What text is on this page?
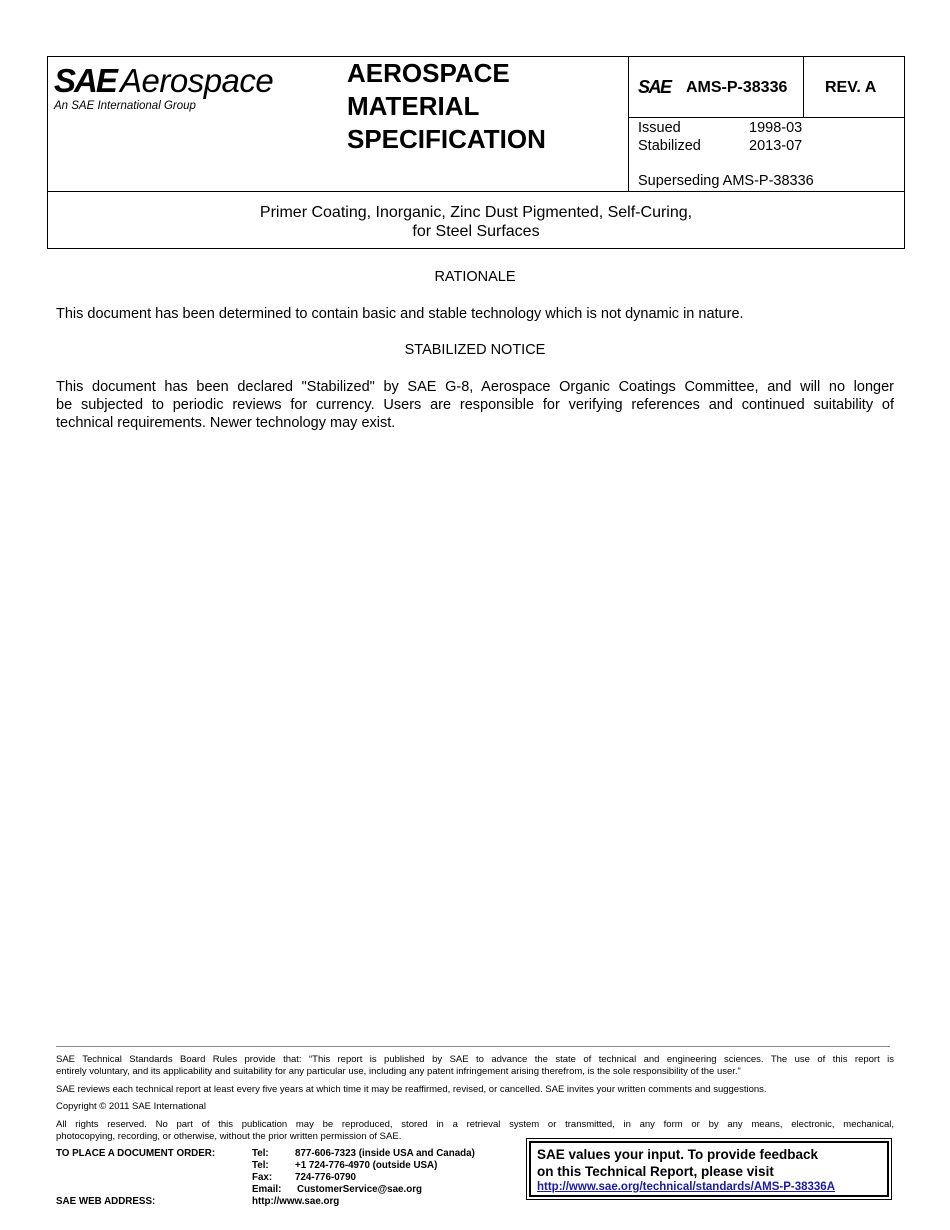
SAE Aerospace
An SAE International Group
AEROSPACE
MATERIAL
SPECIFICATION
SAE AMS-P-38336 REV. A
Issued	1998-03
Stabilized	2013-07
Superseding AMS-P-38336
Primer Coating, Inorganic, Zinc Dust Pigmented, Self-Curing,
for Steel Surfaces
RATIONALE
This document has been determined to contain basic and stable technology which is not dynamic in nature.
STABILIZED NOTICE
This document has been declared "Stabilized" by SAE G-8, Aerospace Organic Coatings Committee, and will no longer
be subjected to periodic reviews for currency. Users are responsible for verifying references and continued suitability of
technical requirements. Newer technology may exist.
SAE Technical Standards Board Rules provide that: “This report is published by SAE to advance the state of technical and engineering sciences. The use of this report is
entirely voluntary, and its applicability and suitability for any particular use, including any patent infringement arising therefrom, is the sole responsibility of the user.”
SAE reviews each technical report at least every five years at which time it may be reaffirmed, revised, or cancelled. SAE invites your written comments and suggestions.
Copyright © 2011 SAE International
All rights reserved. No part of this publication may be reproduced, stored in a retrieval system or transmitted, in any form or by any means, electronic, mechanical,
photocopying, recording, or otherwise, without the prior written permission of SAE.
TO PLACE A DOCUMENT ORDER:	Tel:	877-606-7323 (inside USA and Canada)
Tel:	+1 724-776-4970 (outside USA)
Fax: 724-776-0790
Email: CustomerService@sae.org
SAE WEB ADDRESS:	http://www.sae.org
SAE values your input. To provide feedback
on this Technical Report, please visit
http://www.sae.org/technical/standards/AMS-P-38336A
